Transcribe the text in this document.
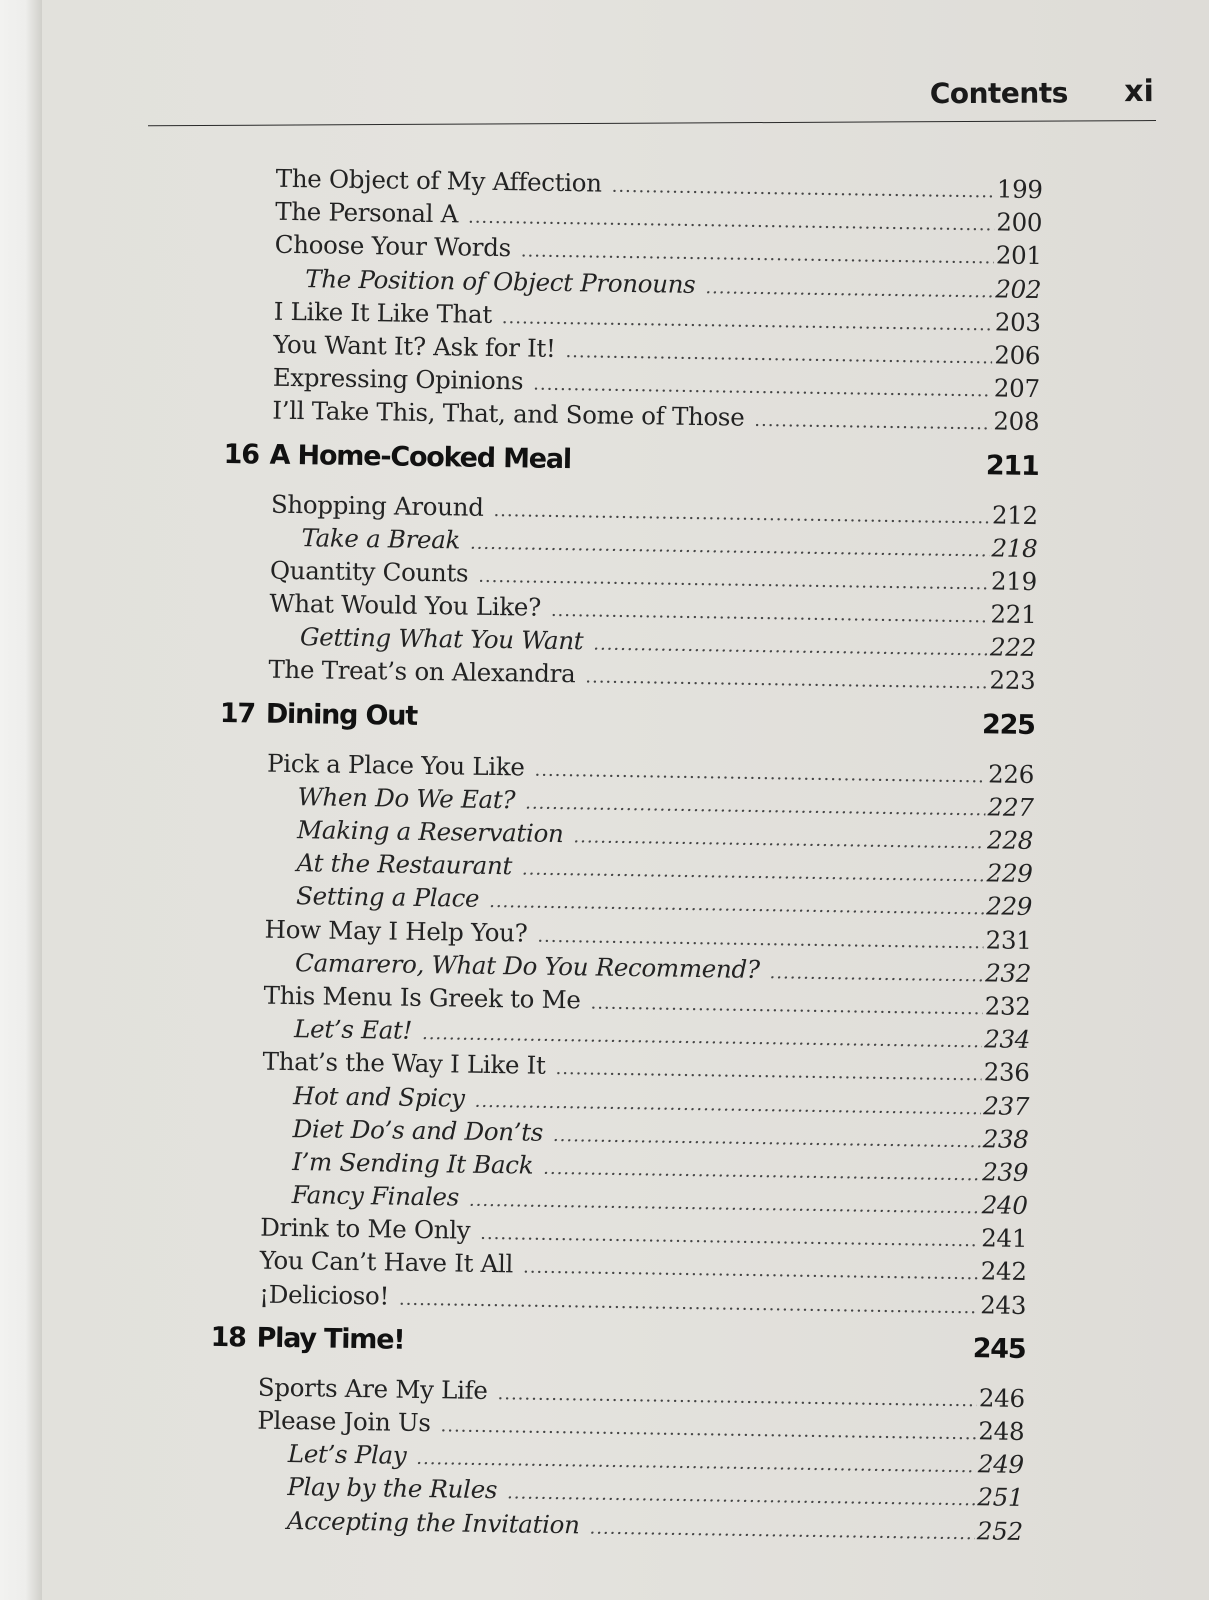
Contents xi
The Object of My Affection .....	199
The Personal A .....	200
Choose Your Words .....	201
The Position of Object Pronouns .....	202
I Like It Like That .....	203
You Want It? Ask for It! .....	206
Expressing Opinions .....	207
I’ll Take This, That, and Some of Those .....	208
16 A Home-Cooked Meal	211
Shopping Around .....	212
Take a Break .....	218
Quantity Counts .....	219
What Would You Like? .....	221
Getting What You Want .....	222
The Treat’s on Alexandra .....	223
17 Dining Out	225
Pick a Place You Like .....	226
When Do We Eat? .....	227
Making a Reservation .....	228
At the Restaurant .....	229
Setting a Place .....	229
How May I Help You? .....	231
Camarero, What Do You Recommend? .....	232
This Menu Is Greek to Me .....	232
Let’s Eat! .....	234
That’s the Way I Like It .....	236
Hot and Spicy .....	237
Diet Do’s and Don’ts .....	238
I’m Sending It Back .....	239
Fancy Finales .....	240
Drink to Me Only .....	241
You Can’t Have It All .....	242
¡Delicioso! .....	243
18 Play Time!	245
Sports Are My Life .....	246
Please Join Us .....	248
Let’s Play .....	249
Play by the Rules .....	251
Accepting the Invitation .....	252
